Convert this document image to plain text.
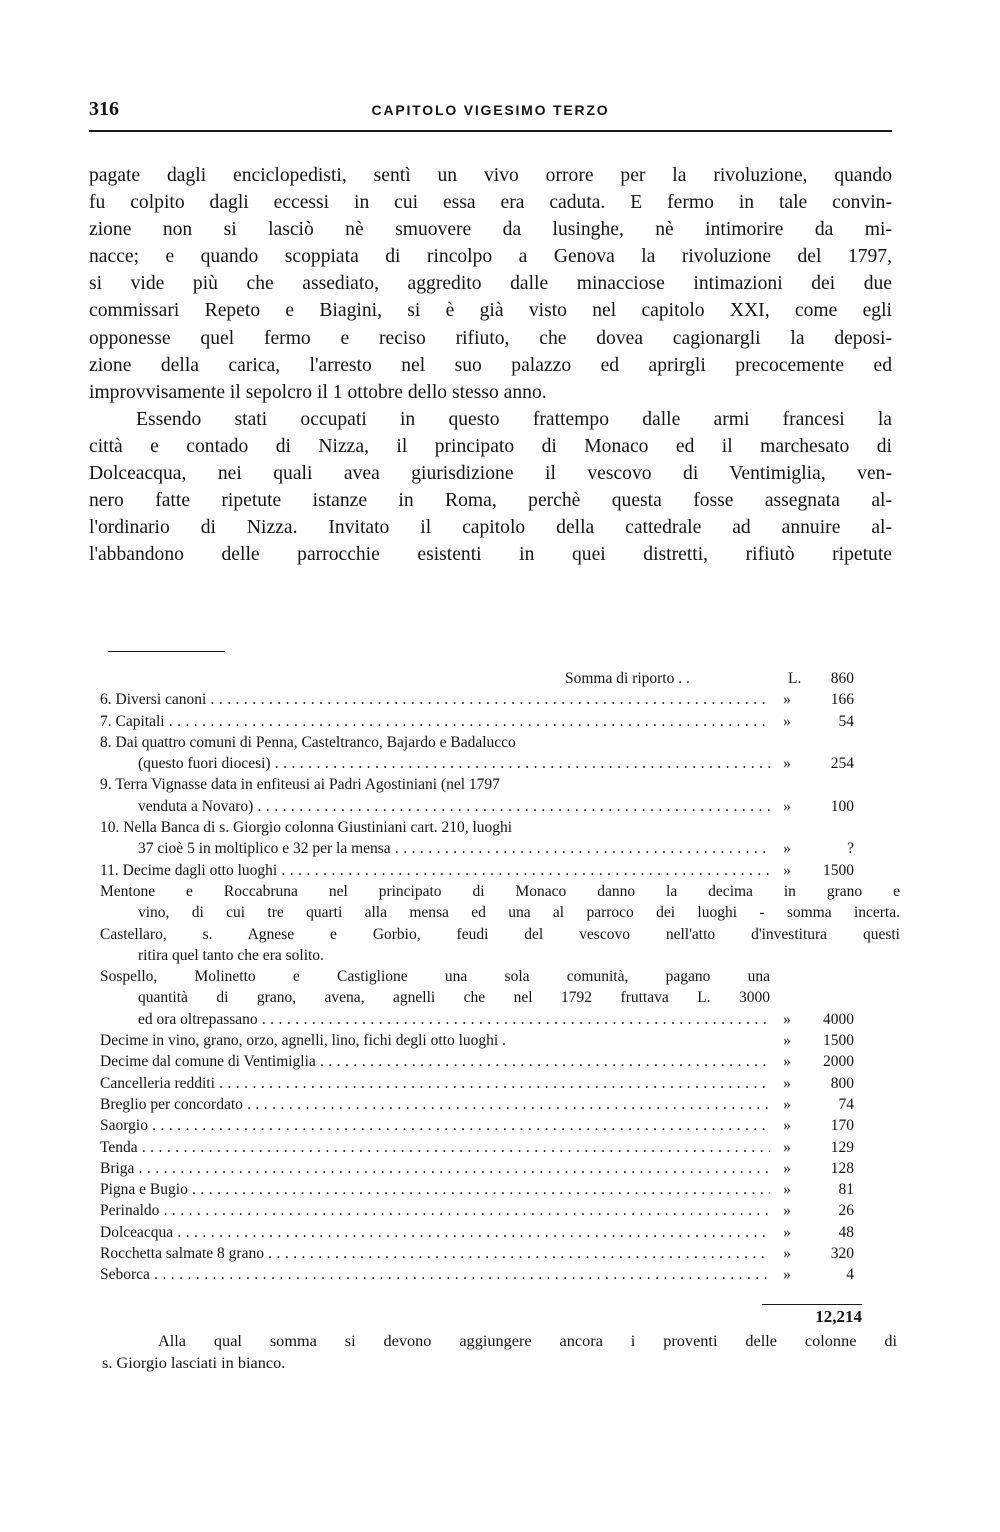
316	CAPITOLO VIGESIMO TERZO
pagate dagli enciclopedisti, sentì un vivo orrore per la rivoluzione, quando
fu colpito dagli eccessi in cui essa era caduta. E fermo in tale convin-
zione non si lasciò nè smuovere da lusinghe, nè intimorire da mi-
nacce; e quando scoppiata di rincolpo a Genova la rivoluzione del 1797,
si vide più che assediato, aggredito dalle minacciose intimazioni dei due
commissari Repeto e Biagini, si è già visto nel capitolo XXI, come egli
opponesse quel fermo e reciso rifiuto, che dovea cagionargli la deposi-
zione della carica, l'arresto nel suo palazzo ed aprirgli precocemente ed
improvvisamente il sepolcro il 1 ottobre dello stesso anno.
Essendo stati occupati in questo frattempo dalle armi francesi la
città e contado di Nizza, il principato di Monaco ed il marchesato di
Dolceacqua, nei quali avea giurisdizione il vescovo di Ventimiglia, ven-
nero fatte ripetute istanze in Roma, perchè questa fosse assegnata al-
l'ordinario di Nizza. Invitato il capitolo della cattedrale ad annuire al-
l'abbandono delle parrocchie esistenti in quei distretti, rifiutò ripetute
Somma di riporto . .	L.	860
6. Diversi canoni . . .	»	166
7. Capitali . . .	»	54
8. Dai quattro comuni di Penna, Casteltranco, Bajardo e Badalucco
(questo fuori diocesi) . . .	»	254
9. Terra Vignasse data in enfiteusi ai Padri Agostiniani (nel 1797
venduta a Novaro) . . .	»	100
10. Nella Banca di s. Giorgio colonna Giustiniani cart. 210, luoghi
37 cioè 5 in moltiplico e 32 per la mensa . . .	»	?
11. Decime dagli otto luoghi . . .	»	1500
Mentone e Roccabruna nel principato di Monaco danno la decima in grano e
vino, di cui tre quarti alla mensa ed una al parroco dei luoghi - somma incerta.
Castellaro, s. Agnese e Gorbio, feudi del vescovo nell'atto d'investitura questi
ritira quel tanto che era solito.
Sospello, Molinetto e Castiglione una sola comunità, pagano una
quantità di grano, avena, agnelli che nel 1792 fruttava L. 3000
ed ora oltrepassano . . .	»	4000
Decime in vino, grano, orzo, agnelli, lino, fichi degli otto luoghi .	»	1500
Decime dal comune di Ventimiglia . . .	»	2000
Cancelleria redditi . . .	»	800
Breglio per concordato . . .	»	74
Saorgio . . .	»	170
Tenda . . .	»	129
Briga . . .	»	128
Pigna e Bugio . . .	»	81
Perinaldo . . .	»	26
Dolceacqua . . .	»	48
Rocchetta salmate 8 grano . . .	»	320
Seborca . . .	»	4
12,214
Alla qual somma si devono aggiungere ancora i proventi delle colonne di
s. Giorgio lasciati in bianco.
